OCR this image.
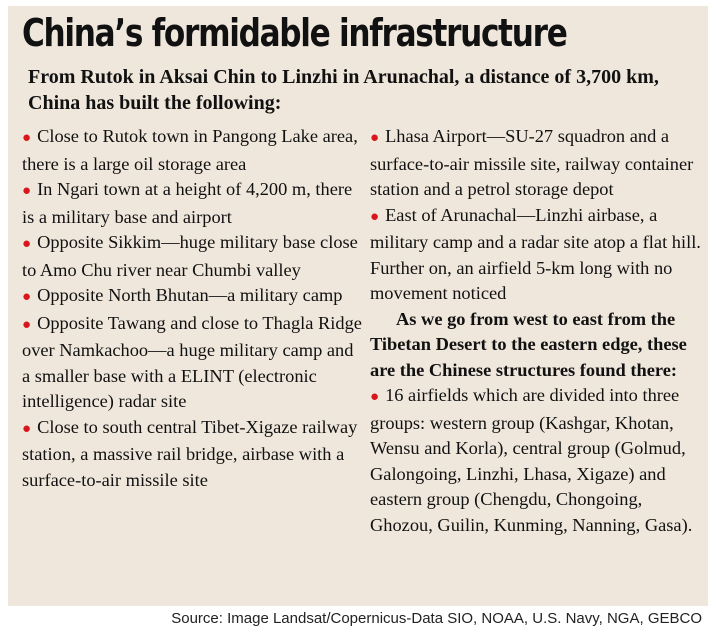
China’s formidable infrastructure
From Rutok in Aksai Chin to Linzhi in Arunachal, a distance of 3,700 km, China has built the following:

● Close to Rutok town in Pangong Lake area, there is a large oil storage area

● In Ngari town at a height of 4,200 m, there is a military base and airport

● Opposite Sikkim—huge military base close to Amo Chu river near Chumbi valley

● Opposite North Bhutan—a military camp

● Opposite Tawang and close to Thagla Ridge over Namkachoo—a huge military camp and a smaller base with a ELINT (electronic intelligence) radar site

● Close to south central Tibet-Xigaze railway station, a massive rail bridge, airbase with a surface-to-air missile site

● Lhasa Airport—SU-27 squadron and a surface-to-air missile site, railway container station and a petrol storage depot

● East of Arunachal—Linzhi airbase, a military camp and a radar site atop a flat hill. Further on, an airfield 5-km long with no movement noticed

As we go from west to east from the Tibetan Desert to the eastern edge, these are the Chinese structures found there:

● 16 airfields which are divided into three groups: western group (Kashgar, Khotan, Wensu and Korla), central group (Golmud, Galongoing, Linzhi, Lhasa, Xigaze) and eastern group (Chengdu, Chongoing, Ghozou, Guilin, Kunming, Nanning, Gasa).

Source: Image Landsat/Copernicus-Data SIO, NOAA, U.S. Navy, NGA, GEBCO
